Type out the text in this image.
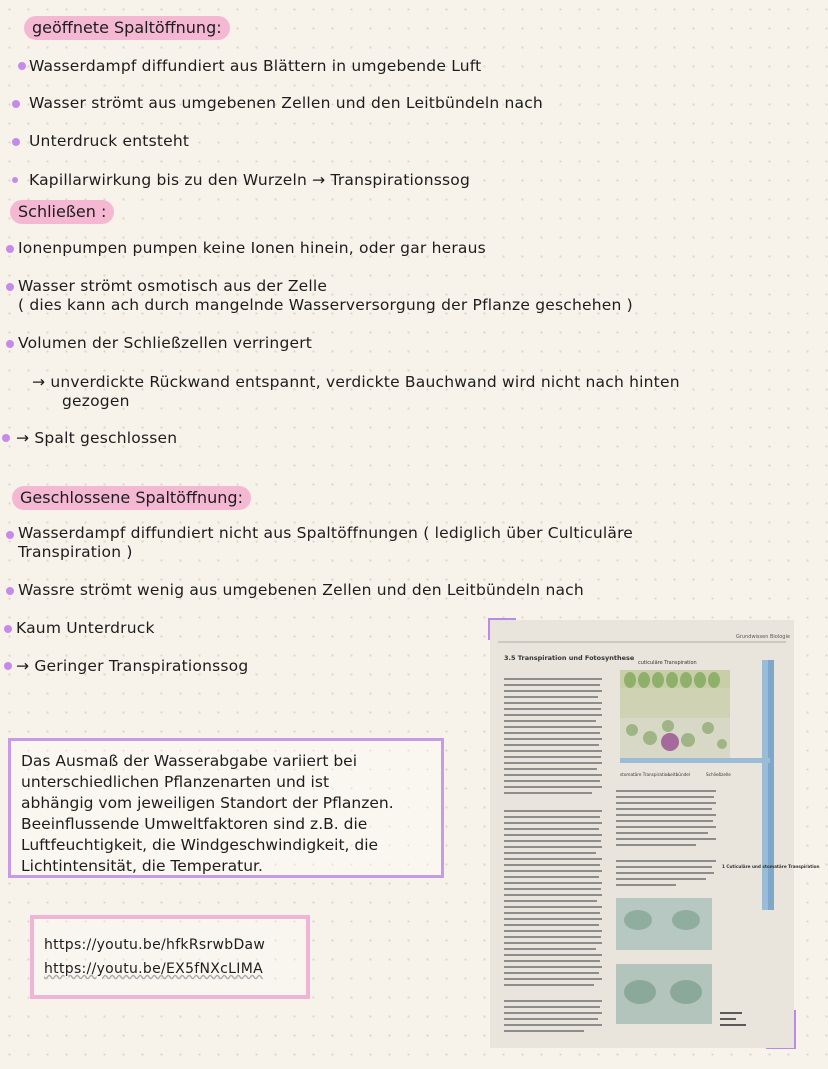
geöffnete Spaltöffnung:
Wasserdampf diffundiert aus Blättern in umgebende Luft
Wasser strömt aus umgebenen Zellen und den Leitbündeln nach
Unterdruck entsteht
Kapillarwirkung bis zu den Wurzeln → Transpirationssog
Schließen :
Ionenpumpen pumpen keine Ionen hinein, oder gar heraus
Wasser strömt osmotisch aus der Zelle
( dies kann ach durch mangelnde Wasserversorgung der Pflanze geschehen )
Volumen der Schließzellen verringert
→ unverdickte Rückwand entspannt, verdickte Bauchwand wird nicht nach hinten
gezogen
→ Spalt geschlossen
Geschlossene Spaltöffnung:
Wasserdampf diffundiert nicht aus Spaltöffnungen ( lediglich über Culticuläre
Transpiration )
Wassre strömt wenig aus umgebenen Zellen und den Leitbündeln nach
Kaum Unterdruck
→ Geringer Transpirationssog

Das Ausmaß der Wasserabgabe variiert bei

unterschiedlichen Pflanzenarten und ist

abhängig vom jeweiligen Standort der Pflanzen.

Beeinflussende Umweltfaktoren sind z.B. die

Luftfeuchtigkeit, die Windgeschwindigkeit, die

Lichtintensität, die Temperatur.

https://youtu.be/hfkRsrwbDaw
https://youtu.be/EX5fNXcLIMA
Grundwissen Biologie
3.5 Transpiration und Fotosynthese
cuticuläre Transpiration
stomatäre Transpiration
Leitbündel	Schließzelle
1 Cuticuläre und stomatäre Transpiration
